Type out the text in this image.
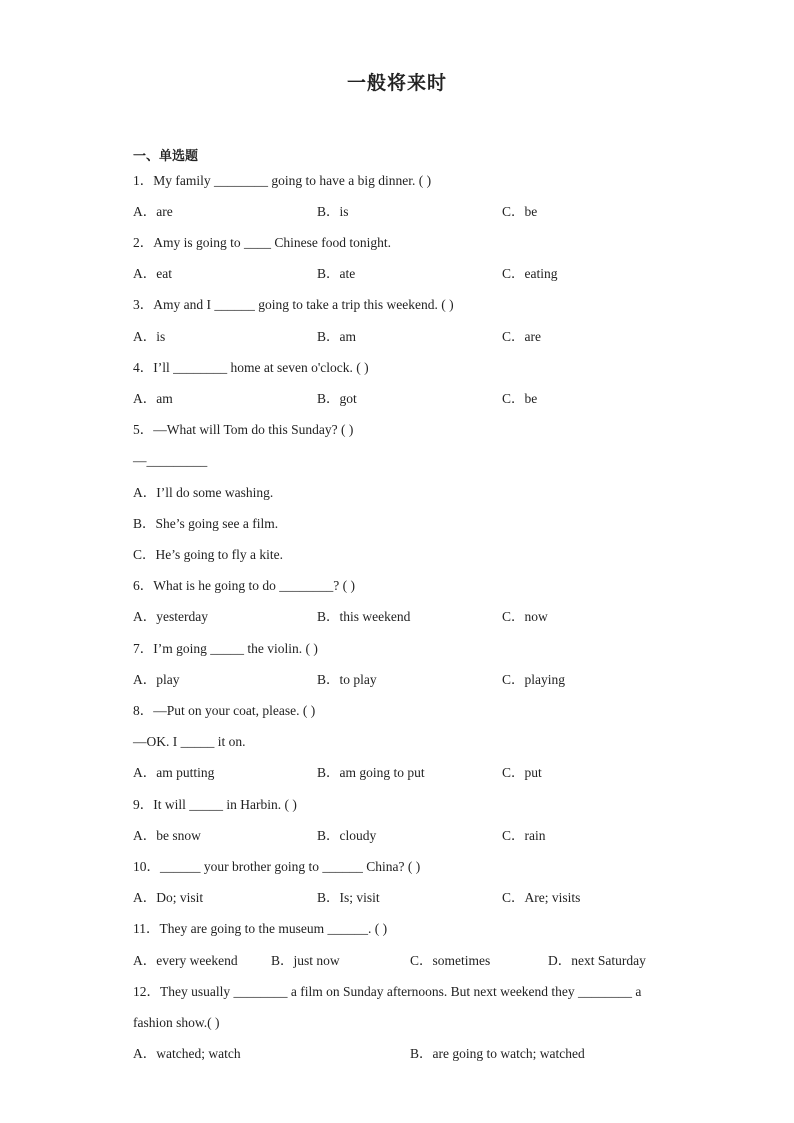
一般将来时
一、单选题
1．My family ________ going to have a big dinner. ( )
A．are	B．is	C．be
2．Amy is going to ____ Chinese food tonight.
A．eat	B．ate	C．eating
3．Amy and I ______ going to take a trip this weekend. ( )
A．is	B．am	C．are
4．I’ll ________ home at seven o'clock. ( )
A．am	B．got	C．be
5．—What will Tom do this Sunday? ( )
—_________
A．I’ll do some washing.
B．She’s going see a film.
C．He’s going to fly a kite.
6．What is he going to do ________? ( )
A．yesterday	B．this weekend	C．now
7．I’m going _____ the violin. ( )
A．play	B．to play	C．playing
8．—Put on your coat, please. ( )
—OK. I _____ it on.
A．am putting	B．am going to put	C．put
9．It will _____ in Harbin. ( )
A．be snow	B．cloudy	C．rain
10．______ your brother going to ______ China? ( )
A．Do; visit	B．Is; visit	C．Are; visits
11．They are going to the museum ______. ( )
A．every weekend B．just now	C．sometimes	D．next Saturday
12．They usually ________ a film on Sunday afternoons. But next weekend they ________ a
fashion show.( )
A．watched; watch	B．are going to watch; watched
